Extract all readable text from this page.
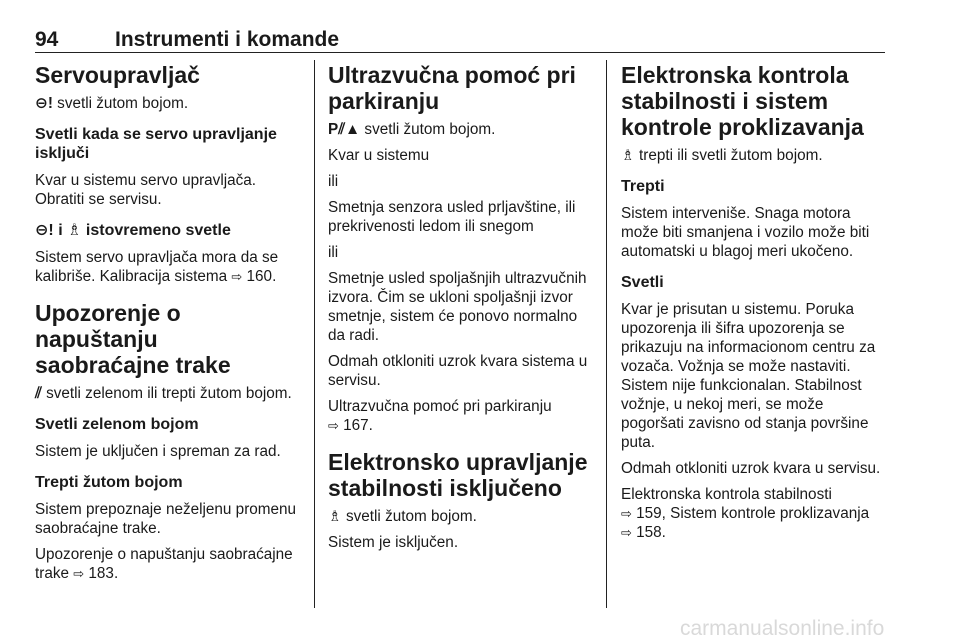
94	Instrumenti i komande
Servoupravljač

⊖! svetli žutom bojom.

Svetli kada se servo upravljanje isključi

Kvar u sistemu servo upravljača. Obratiti se servisu.

⊖! i ♗ istovremeno svetle

Sistem servo upravljača mora da se kalibriše. Kalibracija sistema ⇨ 160.

Upozorenje o napuštanju saobraćajne trake

⫽ svetli zelenom ili trepti žutom bojom.

Svetli zelenom bojom

Sistem je uključen i spreman za rad.

Trepti žutom bojom

Sistem prepoznaje neželjenu promenu saobraćajne trake.

Upozorenje o napuštanju saobraćajne trake ⇨ 183.

Ultrazvučna pomoć pri parkiranju

P⫽▲ svetli žutom bojom.

Kvar u sistemu

ili

Smetnja senzora usled prljavštine, ili prekrivenosti ledom ili snegom

ili

Smetnje usled spoljašnjih ultrazvučnih izvora. Čim se ukloni spoljašnji izvor smetnje, sistem će ponovo normalno da radi.

Odmah otkloniti uzrok kvara sistema u servisu.

Ultrazvučna pomoć pri parkiranju
⇨ 167.

Elektronsko upravljanje stabilnosti isključeno

♗ svetli žutom bojom.

Sistem je isključen.

Elektronska kontrola stabilnosti i sistem kontrole proklizavanja

♗ trepti ili svetli žutom bojom.

Trepti

Sistem interveniše. Snaga motora može biti smanjena i vozilo može biti automatski u blagoj meri ukočeno.

Svetli

Kvar je prisutan u sistemu. Poruka upozorenja ili šifra upozorenja se prikazuju na informacionom centru za vozača. Vožnja se može nastaviti. Sistem nije funkcionalan. Stabilnost vožnje, u nekoj meri, se može pogoršati zavisno od stanja površine puta.

Odmah otkloniti uzrok kvara u servisu.

Elektronska kontrola stabilnosti
⇨ 159, Sistem kontrole proklizavanja
⇨ 158.

carmanualsonline.info
